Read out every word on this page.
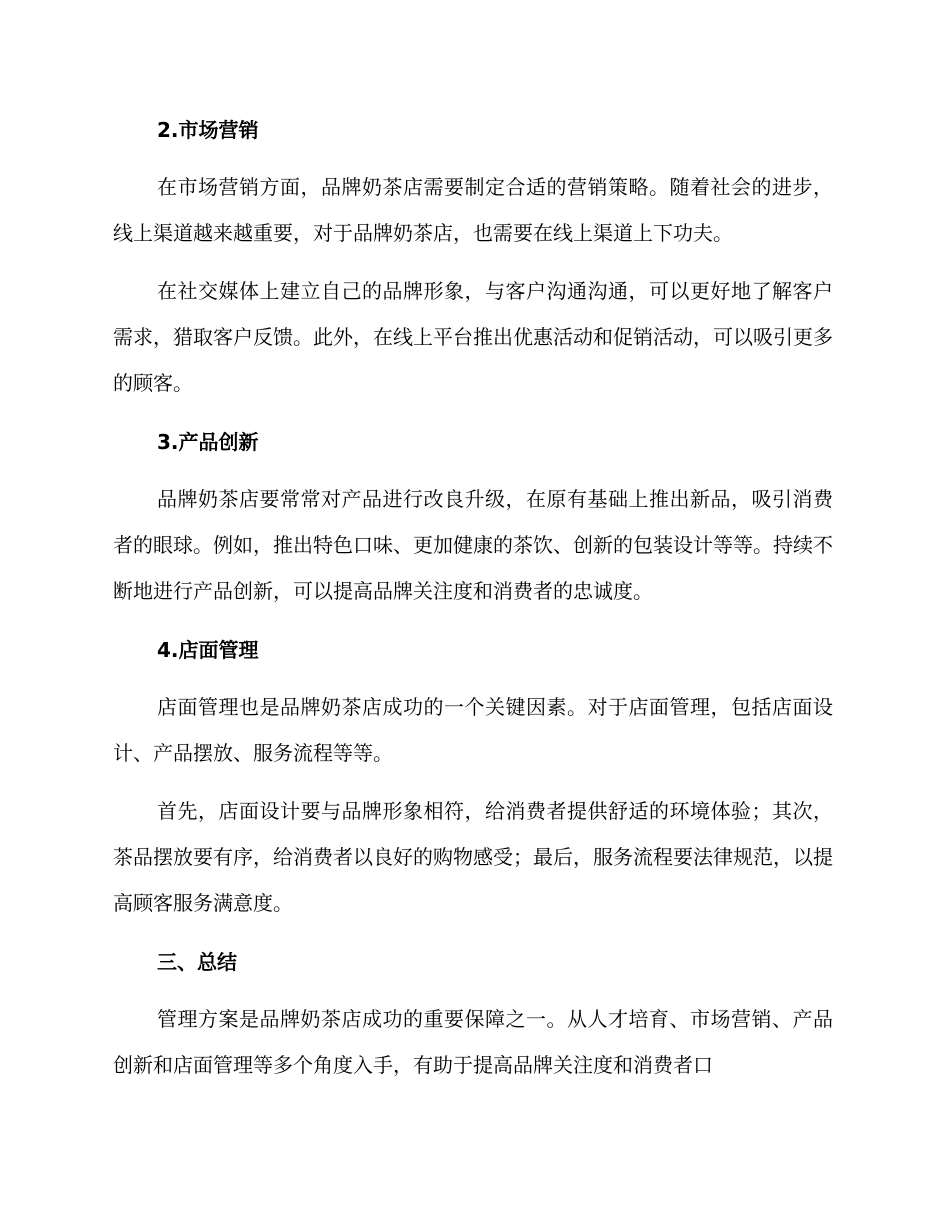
2.市场营销

在市场营销方面，品牌奶茶店需要制定合适的营销策略。随着社会的进步，线上渠道越来越重要，对于品牌奶茶店，也需要在线上渠道上下功夫。

在社交媒体上建立自己的品牌形象，与客户沟通沟通，可以更好地了解客户需求，猎取客户反馈。此外，在线上平台推出优惠活动和促销活动，可以吸引更多的顾客。

3.产品创新

品牌奶茶店要常常对产品进行改良升级，在原有基础上推出新品，吸引消费者的眼球。例如，推出特色口味、更加健康的茶饮、创新的包装设计等等。持续不断地进行产品创新，可以提高品牌关注度和消费者的忠诚度。

4.店面管理

店面管理也是品牌奶茶店成功的一个关键因素。对于店面管理，包括店面设计、产品摆放、服务流程等等。

首先，店面设计要与品牌形象相符，给消费者提供舒适的环境体验；其次，茶品摆放要有序，给消费者以良好的购物感受；最后，服务流程要法律规范，以提高顾客服务满意度。

三、总结

管理方案是品牌奶茶店成功的重要保障之一。从人才培育、市场营销、产品创新和店面管理等多个角度入手，有助于提高品牌关注度和消费者口
